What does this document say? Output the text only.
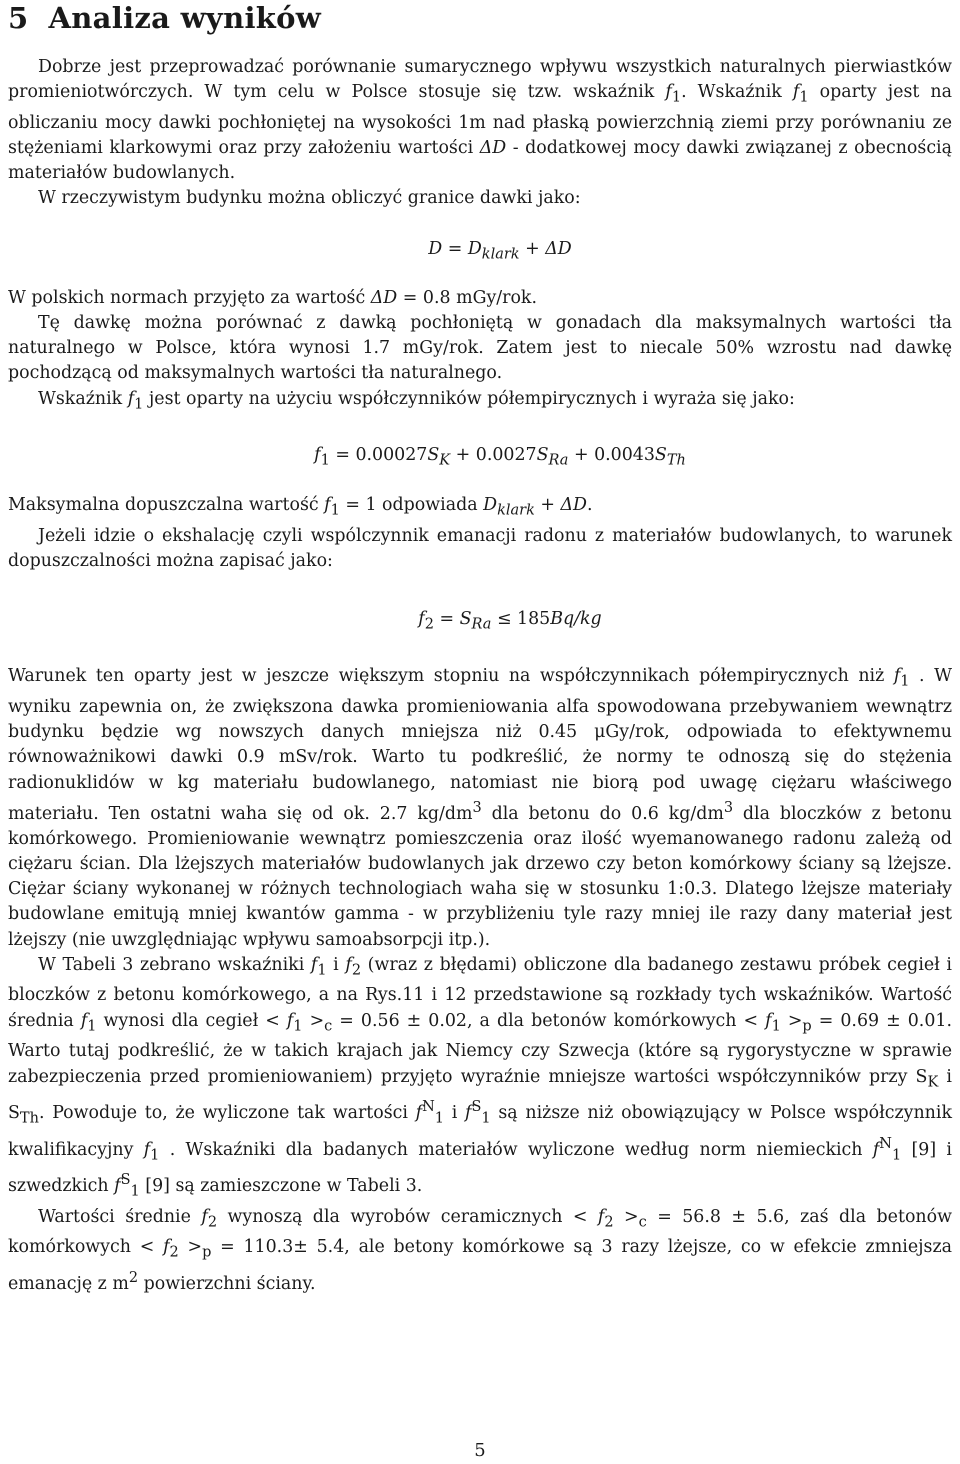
5 Analiza wyników

Dobrze jest przeprowadzać porównanie sumarycznego wpływu wszystkich naturalnych pierwiastków promieniotwórczych. W tym celu w Polsce stosuje się tzw. wskaźnik $f_1$. Wskaźnik $f_1$ oparty jest na obliczaniu mocy dawki pochłoniętej na wysokości 1m nad płaską powierzchnią ziemi przy porównaniu ze stężeniami klarkowymi oraz przy założeniu wartości ΔD - dodatkowej mocy dawki związanej z obecnością materiałów budowlanych.

W rzeczywistym budynku można obliczyć granice dawki jako:

$D = D_{klark} + \Delta D$

W polskich normach przyjęto za wartość ΔD = 0.8 mGy/rok.

Tę dawkę można porównać z dawką pochłoniętą w gonadach dla maksymalnych wartości tła naturalnego w Polsce, która wynosi 1.7 mGy/rok. Zatem jest to niecale 50% wzrostu nad dawkę pochodzącą od maksymalnych wartości tła naturalnego.

Wskaźnik $f_1$ jest oparty na użyciu współczynników półempirycznych i wyraża się jako:

$f_1 = 0.00027S_K + 0.0027S_{Ra} + 0.0043S_{Th}$

Maksymalna dopuszczalna wartość $f_1 = 1$ odpowiada $D_{klark} + \Delta D$.

Jeżeli idzie o ekshalację czyli wspólczynnik emanacji radonu z materiałów budowlanych, to warunek dopuszczalności można zapisać jako:

$f_2 = S_{Ra} \le 185Bq/kg$

Warunek ten oparty jest w jeszcze większym stopniu na współczynnikach półempirycznych niż $f_1$ . W wyniku zapewnia on, że zwiększona dawka promieniowania alfa spowodowana przebywaniem wewnątrz budynku będzie wg nowszych danych mniejsza niż 0.45 μGy/rok, odpowiada to efektywnemu równoważnikowi dawki 0.9 mSv/rok. Warto tu podkreślić, że normy te odnoszą się do stężenia radionuklidów w kg materiału budowlanego, natomiast nie biorą pod uwagę ciężaru właściwego materiału. Ten ostatni waha się od ok. 2.7 $kg/dm^3$ dla betonu do 0.6 $kg/dm^3$ dla bloczków z betonu komórkowego. Promieniowanie wewnątrz pomieszczenia oraz ilość wyemanowanego radonu zależą od ciężaru ścian. Dla lżejszych materiałów budowlanych jak drzewo czy beton komórkowy ściany są lżejsze. Ciężar ściany wykonanej w różnych technologiach waha się w stosunku 1:0.3. Dlatego lżejsze materiały budowlane emitują mniej kwantów gamma - w przybliżeniu tyle razy mniej ile razy dany materiał jest lżejszy (nie uwzględniając wpływu samoabsorpcji itp.).

W Tabeli 3 zebrano wskaźniki $f_1$ i $f_2$ (wraz z błędami) obliczone dla badanego zestawu próbek cegieł i bloczków z betonu komórkowego, a na Rys.11 i 12 przedstawione są rozkłady tych wskaźników. Wartość średnia $f_1$ wynosi dla cegieł < $f_1 >_c = 0.56 \pm 0.02$, a dla betonów komórkowych < $f_1 >_p = 0.69 \pm 0.01$. Warto tutaj podkreślić, że w takich krajach jak Niemcy czy Szwecja (które są rygorystyczne w sprawie zabezpieczenia przed promieniowaniem) przyjęto wyraźnie mniejsze wartości współczynników przy $S_K$ i $S_{Th}$. Powoduje to, że wyliczone tak wartości $f^N_1$ i $f^S_1$ są niższe niż obowiązujący w Polsce współczynnik kwalifikacyjny $f_1$ . Wskaźniki dla badanych materiałów wyliczone według norm niemieckich $f^N_1$ [9] i szwedzkich $f^S_1$ [9] są zamieszczone w Tabeli 3.

Wartości średnie $f_2$ wynoszą dla wyrobów ceramicznych < $f_2 >_c = 56.8 \pm 5.6$, zaś dla betonów komórkowych < $f_2 >_p = 110.3\pm 5.4$, ale betony komórkowe są 3 razy lżejsze, co w efekcie zmniejsza emanację z $m^2$ powierzchni ściany.

5
